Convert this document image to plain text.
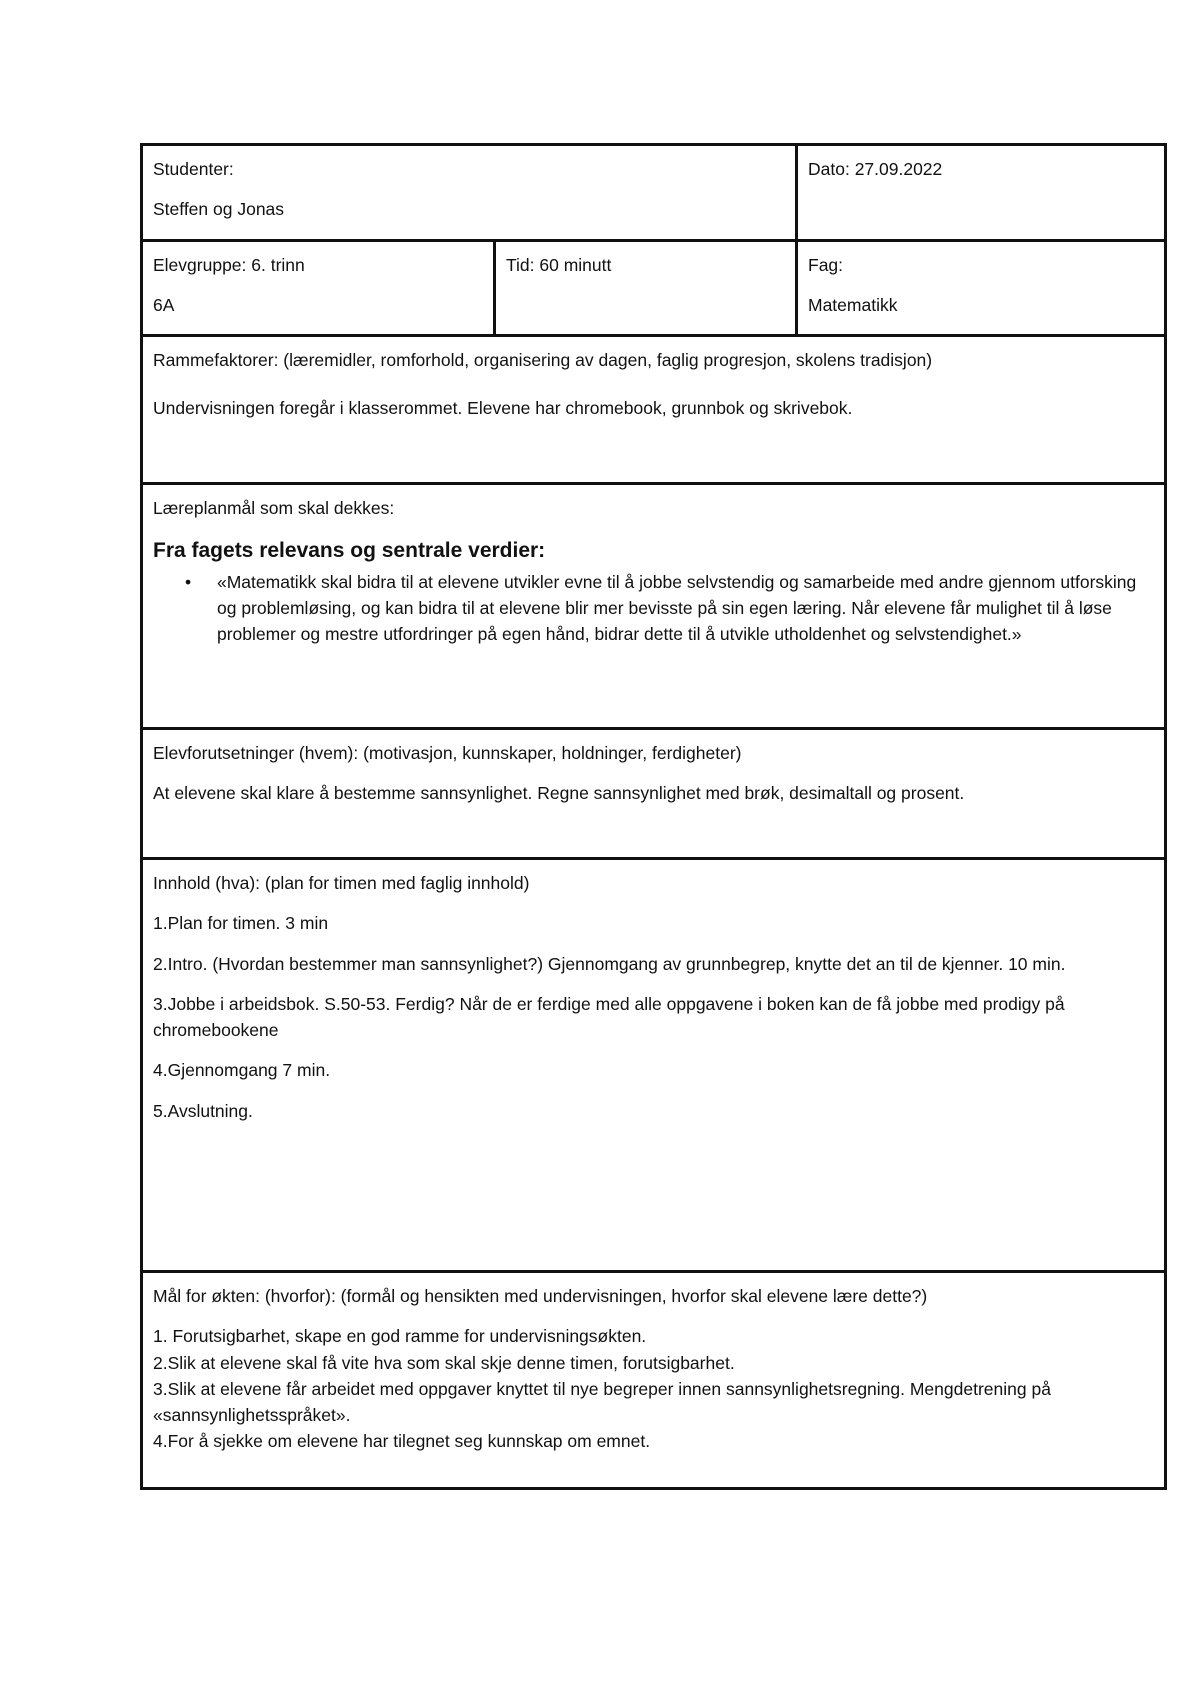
Studenter:

Steffen og Jonas

Dato: 27.09.2022

Elevgruppe: 6. trinn

6A

Tid: 60 minutt	Fag:

Matematikk

Rammefaktorer: (læremidler, romforhold, organisering av dagen, faglig progresjon, skolens tradisjon)

Undervisningen foregår i klasserommet. Elevene har chromebook, grunnbok og skrivebok.

Læreplanmål som skal dekkes:

Fra fagets relevans og sentrale verdier:

• «Matematikk skal bidra til at elevene utvikler evne til å jobbe selvstendig og samarbeide med andre gjennom utforsking og problemløsing, og kan bidra til at elevene blir mer bevisste på sin egen læring. Når elevene får mulighet til å løse problemer og mestre utfordringer på egen hånd, bidrar dette til å utvikle utholdenhet og selvstendighet.»

Elevforutsetninger (hvem): (motivasjon, kunnskaper, holdninger, ferdigheter)

At elevene skal klare å bestemme sannsynlighet. Regne sannsynlighet med brøk, desimaltall og prosent.

Innhold (hva): (plan for timen med faglig innhold)

1.Plan for timen. 3 min

2.Intro. (Hvordan bestemmer man sannsynlighet?) Gjennomgang av grunnbegrep, knytte det an til de kjenner. 10 min.

3.Jobbe i arbeidsbok. S.50-53. Ferdig? Når de er ferdige med alle oppgavene i boken kan de få jobbe med prodigy på chromebookene

4.Gjennomgang 7 min.

5.Avslutning.

Mål for økten: (hvorfor): (formål og hensikten med undervisningen, hvorfor skal elevene lære dette?)

1. Forutsigbarhet, skape en god ramme for undervisningsøkten.

2.Slik at elevene skal få vite hva som skal skje denne timen, forutsigbarhet.

3.Slik at elevene får arbeidet med oppgaver knyttet til nye begreper innen sannsynlighetsregning. Mengdetrening på «sannsynlighetsspråket».

4.For å sjekke om elevene har tilegnet seg kunnskap om emnet.
